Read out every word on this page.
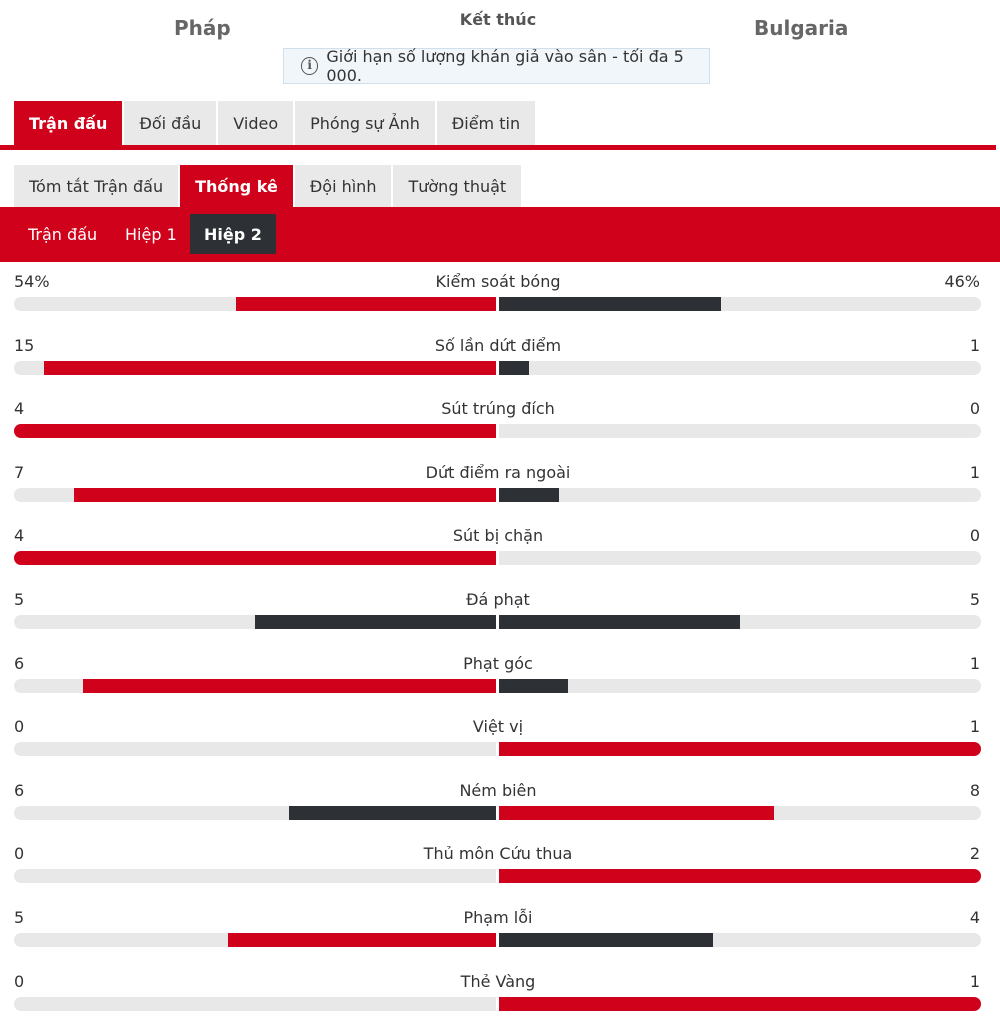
Pháp	Kết thúc	Bulgaria
i Giới hạn số lượng khán giả vào sân - tối đa 5 000.
Trận đấu	Đối đầu	Video	Phóng sự Ảnh	Điểm tin
Tóm tắt Trận đấu	Thống kê	Đội hình	Tường thuật
Trận đấu	Hiệp 1	Hiệp 2
54%	Kiểm soát bóng	46%
15	Số lần dứt điểm	1
4	Sút trúng đích	0
7	Dứt điểm ra ngoài	1
4	Sút bị chặn	0
5	Đá phạt	5
6	Phạt góc	1
0	Việt vị	1
6	Ném biên	8
0	Thủ môn Cứu thua	2
5	Phạm lỗi	4
0	Thẻ Vàng	1
